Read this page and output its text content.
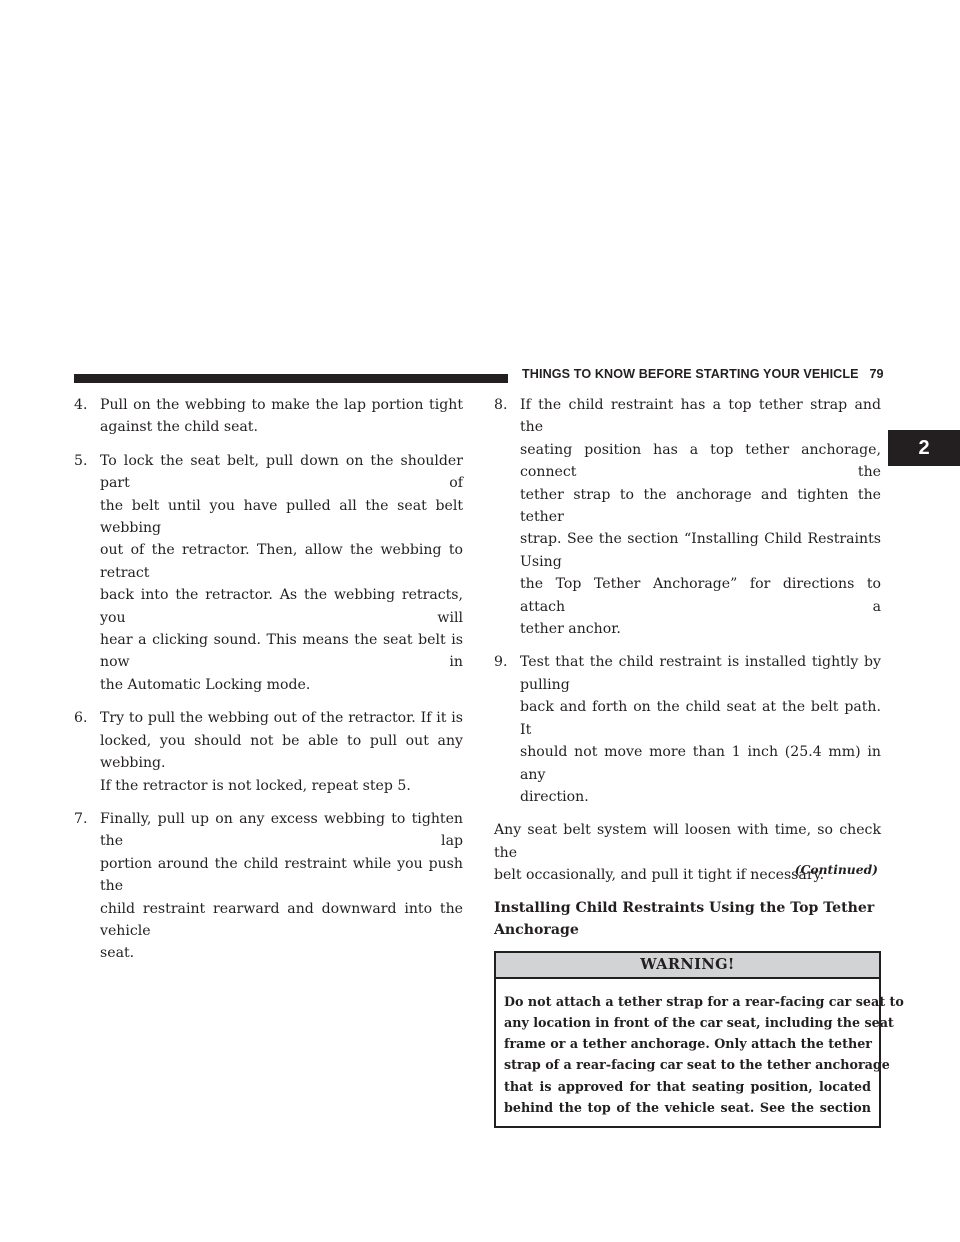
THINGS TO KNOW BEFORE STARTING YOUR VEHICLE 79
2
4. Pull on the webbing to make the lap portion tight
against the child seat.
5. To lock the seat belt, pull down on the shoulder part of
the belt until you have pulled all the seat belt webbing
out of the retractor. Then, allow the webbing to retract
back into the retractor. As the webbing retracts, you will
hear a clicking sound. This means the seat belt is now in
the Automatic Locking mode.
6. Try to pull the webbing out of the retractor. If it is
locked, you should not be able to pull out any webbing.
If the retractor is not locked, repeat step 5.
7. Finally, pull up on any excess webbing to tighten the lap
portion around the child restraint while you push the
child restraint rearward and downward into the vehicle
seat.
8. If the child restraint has a top tether strap and the
seating position has a top tether anchorage, connect the
tether strap to the anchorage and tighten the tether
strap. See the section “Installing Child Restraints Using
the Top Tether Anchorage” for directions to attach a
tether anchor.
9. Test that the child restraint is installed tightly by pulling
back and forth on the child seat at the belt path. It
should not move more than 1 inch (25.4 mm) in any
direction.
Any seat belt system will loosen with time, so check the
belt occasionally, and pull it tight if necessary.
Installing Child Restraints Using the Top Tether
Anchorage
WARNING!
Do not attach a tether strap for a rear-facing car seat to
any location in front of the car seat, including the seat
frame or a tether anchorage. Only attach the tether
strap of a rear-facing car seat to the tether anchorage
that is approved for that seating position, located
behind the top of the vehicle seat. See the section
(Continued)
